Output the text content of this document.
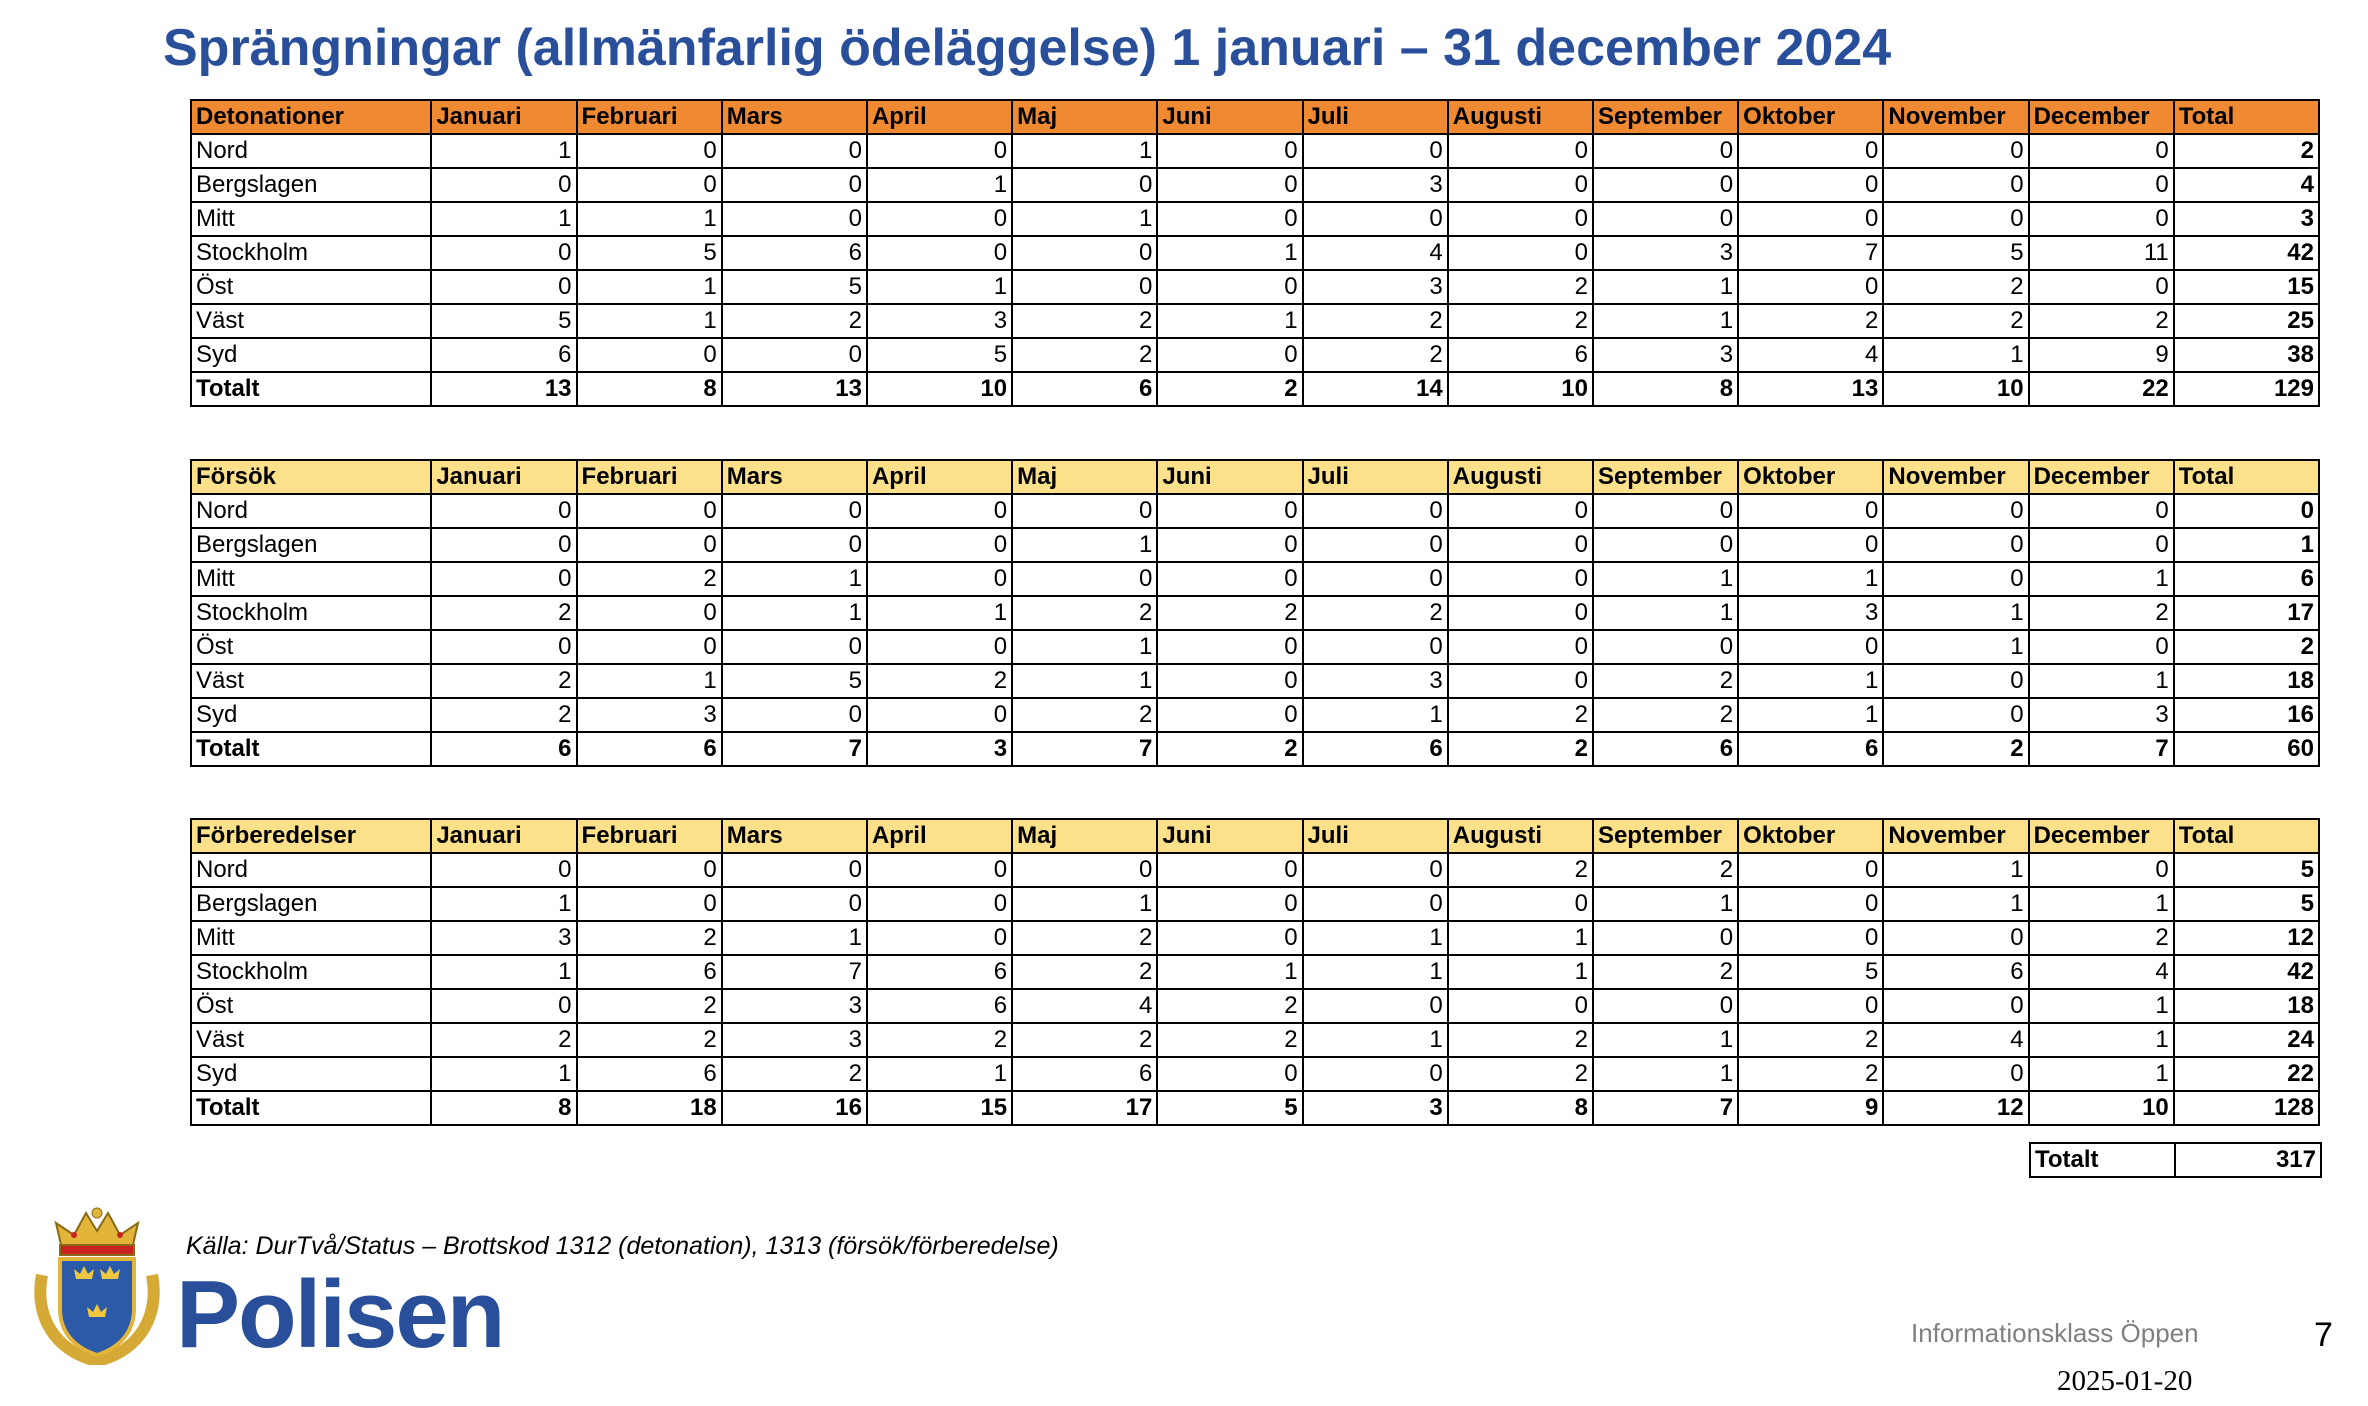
Sprängningar (allmänfarlig ödeläggelse) 1 januari – 31 december 2024
Detonationer	Januari	Februari	Mars	April	Maj	Juni	Juli	Augusti	September	Oktober	November	December	Total
Nord	1	0	0	0	1	0	0	0	0	0	0	0	2
Bergslagen	0	0	0	1	0	0	3	0	0	0	0	0	4
Mitt	1	1	0	0	1	0	0	0	0	0	0	0	3
Stockholm	0	5	6	0	0	1	4	0	3	7	5	11	42
Öst	0	1	5	1	0	0	3	2	1	0	2	0	15
Väst	5	1	2	3	2	1	2	2	1	2	2	2	25
Syd	6	0	0	5	2	0	2	6	3	4	1	9	38
Totalt	13	8	13	10	6	2	14	10	8	13	10	22	129
Försök	Januari	Februari	Mars	April	Maj	Juni	Juli	Augusti	September	Oktober	November	December	Total
Nord	0	0	0	0	0	0	0	0	0	0	0	0	0
Bergslagen	0	0	0	0	1	0	0	0	0	0	0	0	1
Mitt	0	2	1	0	0	0	0	0	1	1	0	1	6
Stockholm	2	0	1	1	2	2	2	0	1	3	1	2	17
Öst	0	0	0	0	1	0	0	0	0	0	1	0	2
Väst	2	1	5	2	1	0	3	0	2	1	0	1	18
Syd	2	3	0	0	2	0	1	2	2	1	0	3	16
Totalt	6	6	7	3	7	2	6	2	6	6	2	7	60
Förberedelser	Januari	Februari	Mars	April	Maj	Juni	Juli	Augusti	September	Oktober	November	December	Total
Nord	0	0	0	0	0	0	0	2	2	0	1	0	5
Bergslagen	1	0	0	0	1	0	0	0	1	0	1	1	5
Mitt	3	2	1	0	2	0	1	1	0	0	0	2	12
Stockholm	1	6	7	6	2	1	1	1	2	5	6	4	42
Öst	0	2	3	6	4	2	0	0	0	0	0	1	18
Väst	2	2	3	2	2	2	1	2	1	2	4	1	24
Syd	1	6	2	1	6	0	0	2	1	2	0	1	22
Totalt	8	18	16	15	17	5	3	8	7	9	12	10	128
Totalt	317
Källa: DurTvå/Status – Brottskod 1312 (detonation), 1313 (försök/förberedelse)
Polisen	Informationsklass Öppen	7
2025-01-20
